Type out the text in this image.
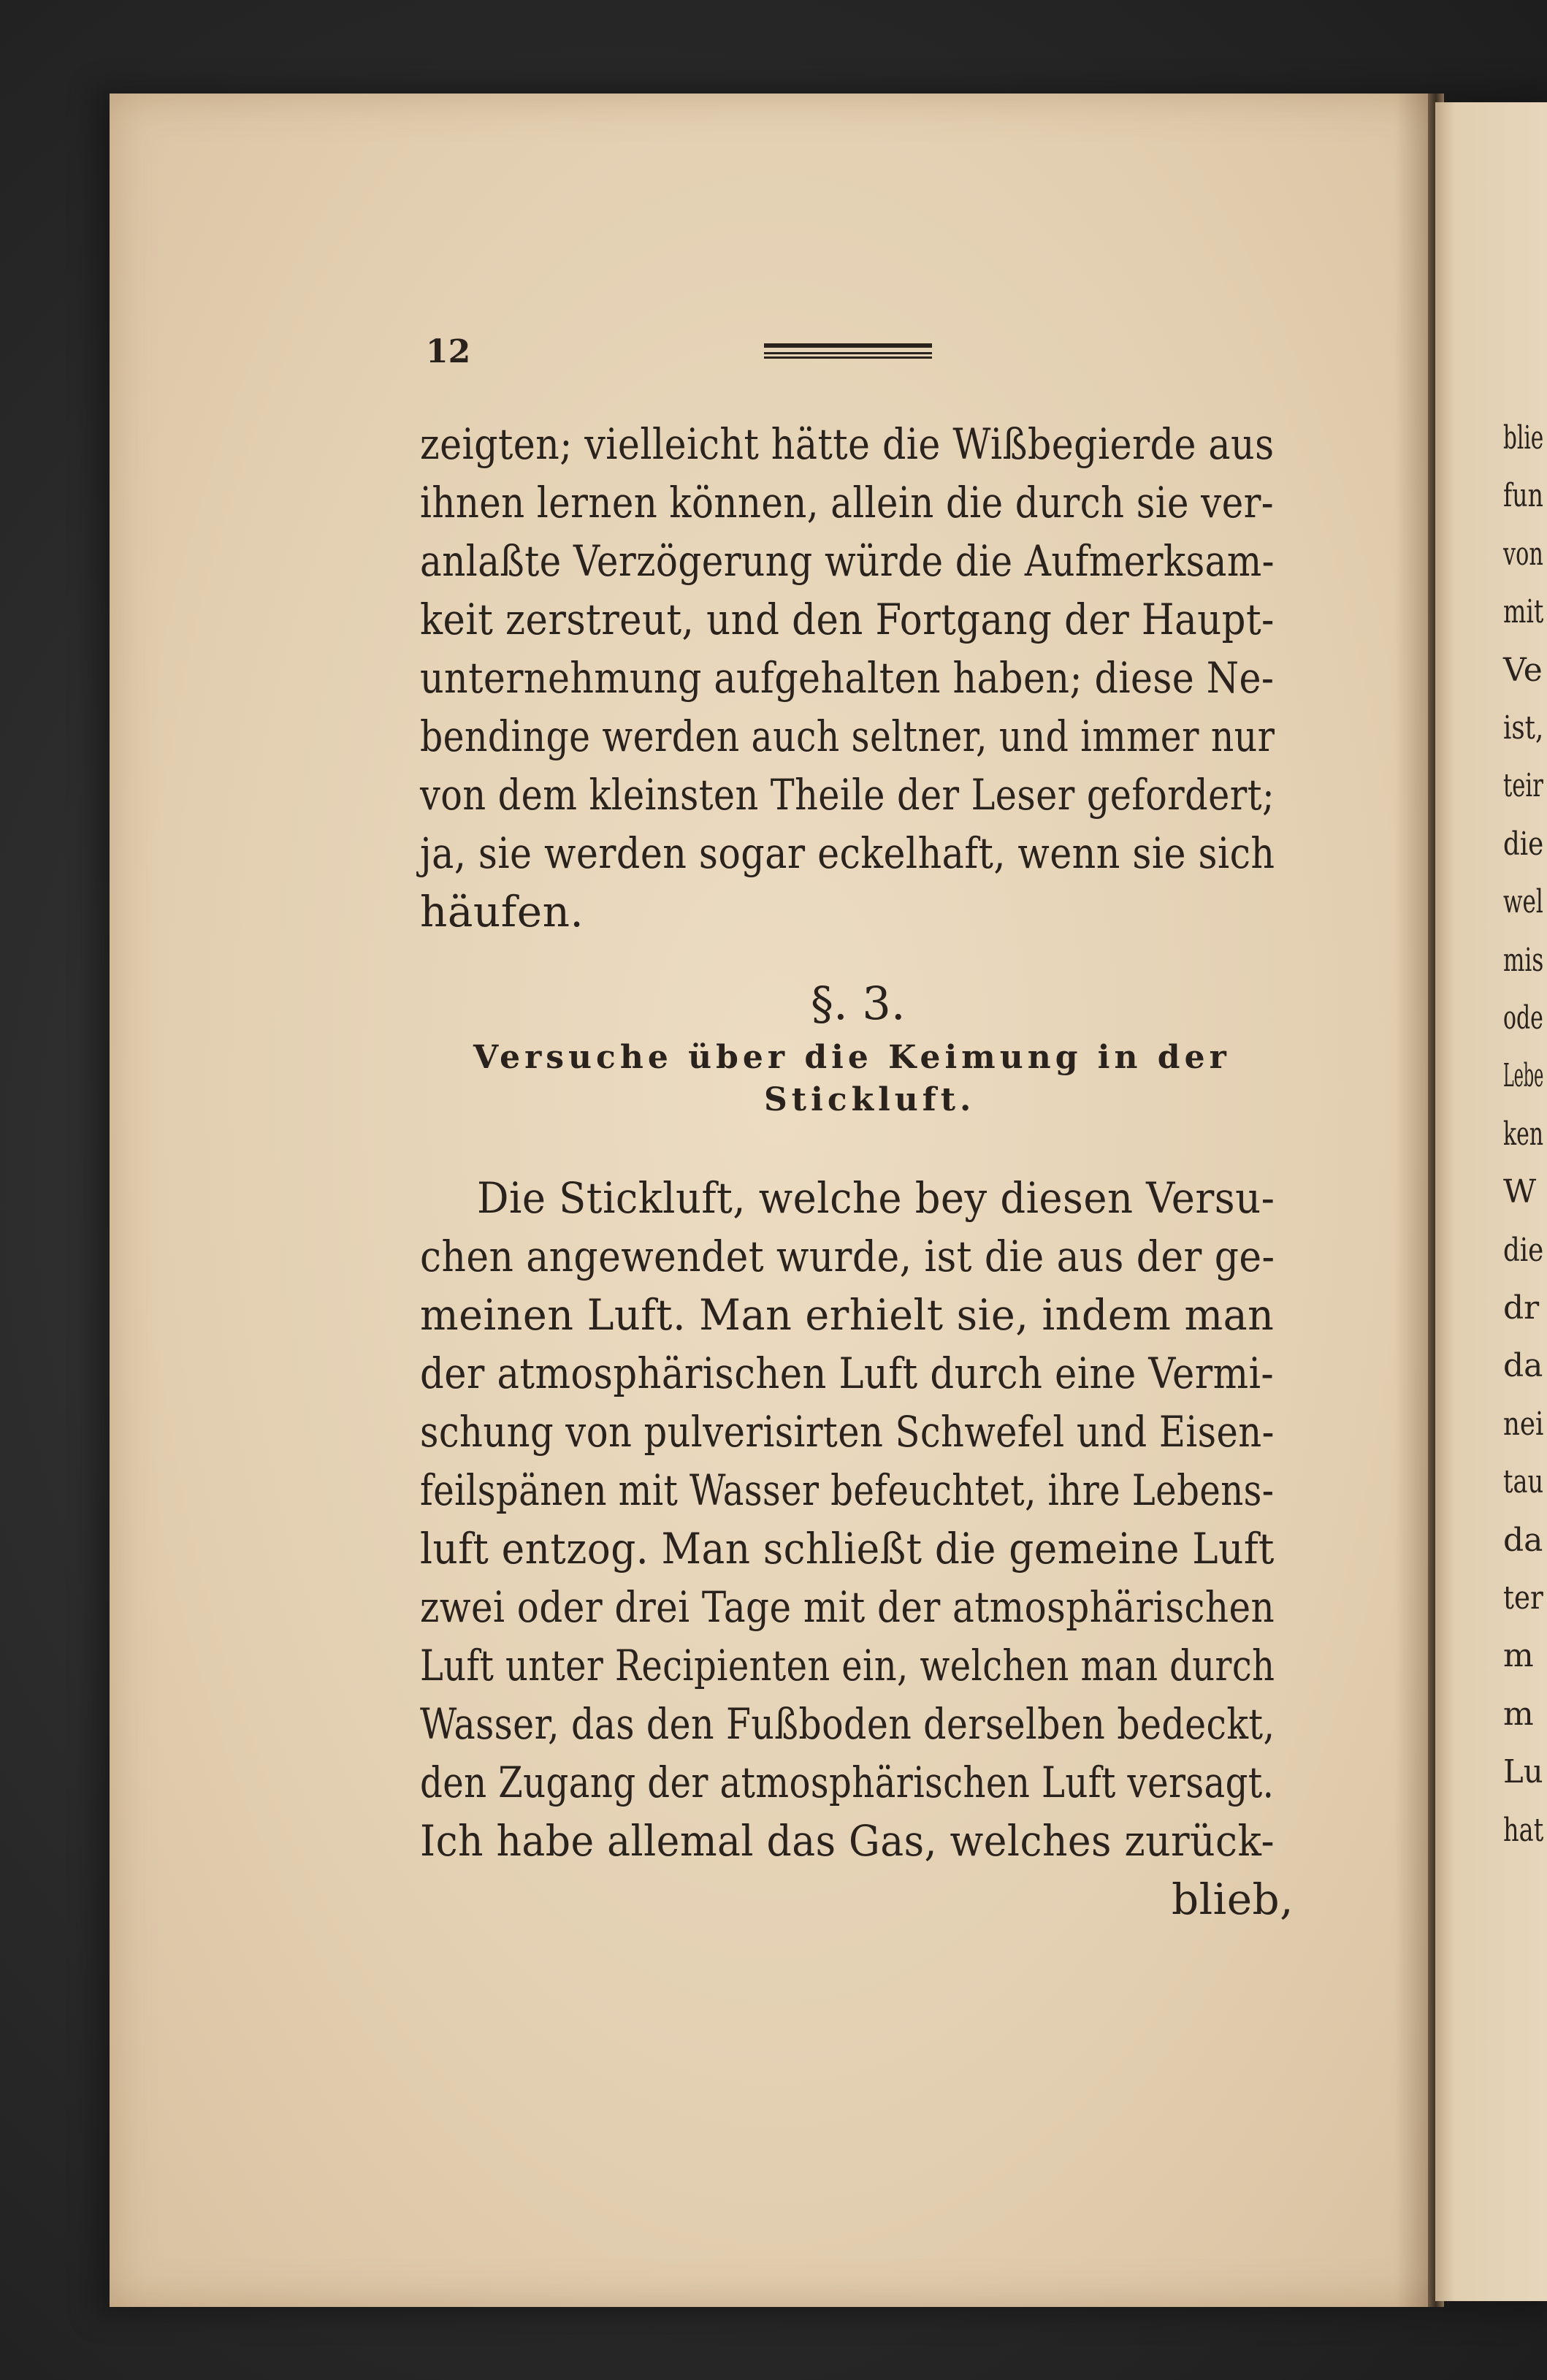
12
zeigten; vielleicht hätte die Wißbegierde aus
ihnen lernen können, allein die durch sie ver-
anlaßte Verzögerung würde die Aufmerksam-
keit zerstreut, und den Fortgang der Haupt-
unternehmung aufgehalten haben; diese Ne-
bendinge werden auch seltner, und immer nur
von dem kleinsten Theile der Leser gefordert;
ja, sie werden sogar eckelhaft, wenn sie sich
häufen.
§. 3.
Versuche über die Keimung in der
Stickluft.
Die Stickluft, welche bey diesen Versu-
chen angewendet wurde, ist die aus der ge-
meinen Luft. Man erhielt sie, indem man
der atmosphärischen Luft durch eine Vermi-
schung von pulverisirten Schwefel und Eisen-
feilspänen mit Wasser befeuchtet, ihre Lebens-
luft entzog. Man schließt die gemeine Luft
zwei oder drei Tage mit der atmosphärischen
Luft unter Recipienten ein, welchen man durch
Wasser, das den Fußboden derselben bedeckt,
den Zugang der atmosphärischen Luft versagt.
Ich habe allemal das Gas, welches zurück-
blieb,
blie
fun
von
mit
Ve
ist,
teir
die
wel
mis
ode
Lebe
ken
W
die
dr
da
nei
tau
da
ter
m
m
Lu
hat
